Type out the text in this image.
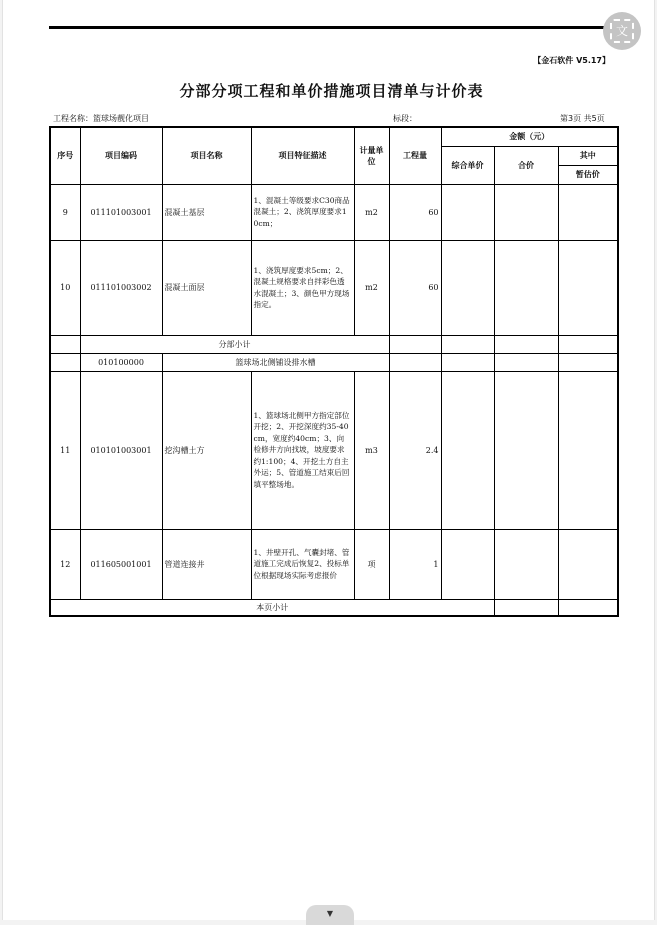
文
【金石软件 V5.17】
分部分项工程和单价措施项目清单与计价表
工程名称：篮球场靓化项目	标段：	第3页 共5页
序号	项目编码	项目名称	项目特征描述	计量单位	工程量	金额（元）		
						综合单价	合价	其中
								暂估价
9	011101003001	混凝土基层	1、混凝土等级要求C30商品混凝土；2、浇筑厚度要求10cm；	m2	60			
10	011101003002	混凝土面层	1、浇筑厚度要求5cm；2、混凝土规格要求自拌彩色透水混凝土；3、颜色甲方现场指定。	m2	60			
	分部小计							
	010100000	篮球场北侧铺设排水槽						
11	010101003001	挖沟槽土方	1、篮球场北侧甲方指定部位开挖；2、开挖深度约35-40cm，宽度约40cm；3、向检修井方向找坡，坡度要求约1:100；4、开挖土方自主外运；5、管道施工结束后回填平整场地。	m3	2.4			
12	011605001001	管道连接井	1、井壁开孔、气囊封堵、管道施工完成后恢复2、投标单位根据现场实际考虑报价	项	1			
本页小计								
▼
